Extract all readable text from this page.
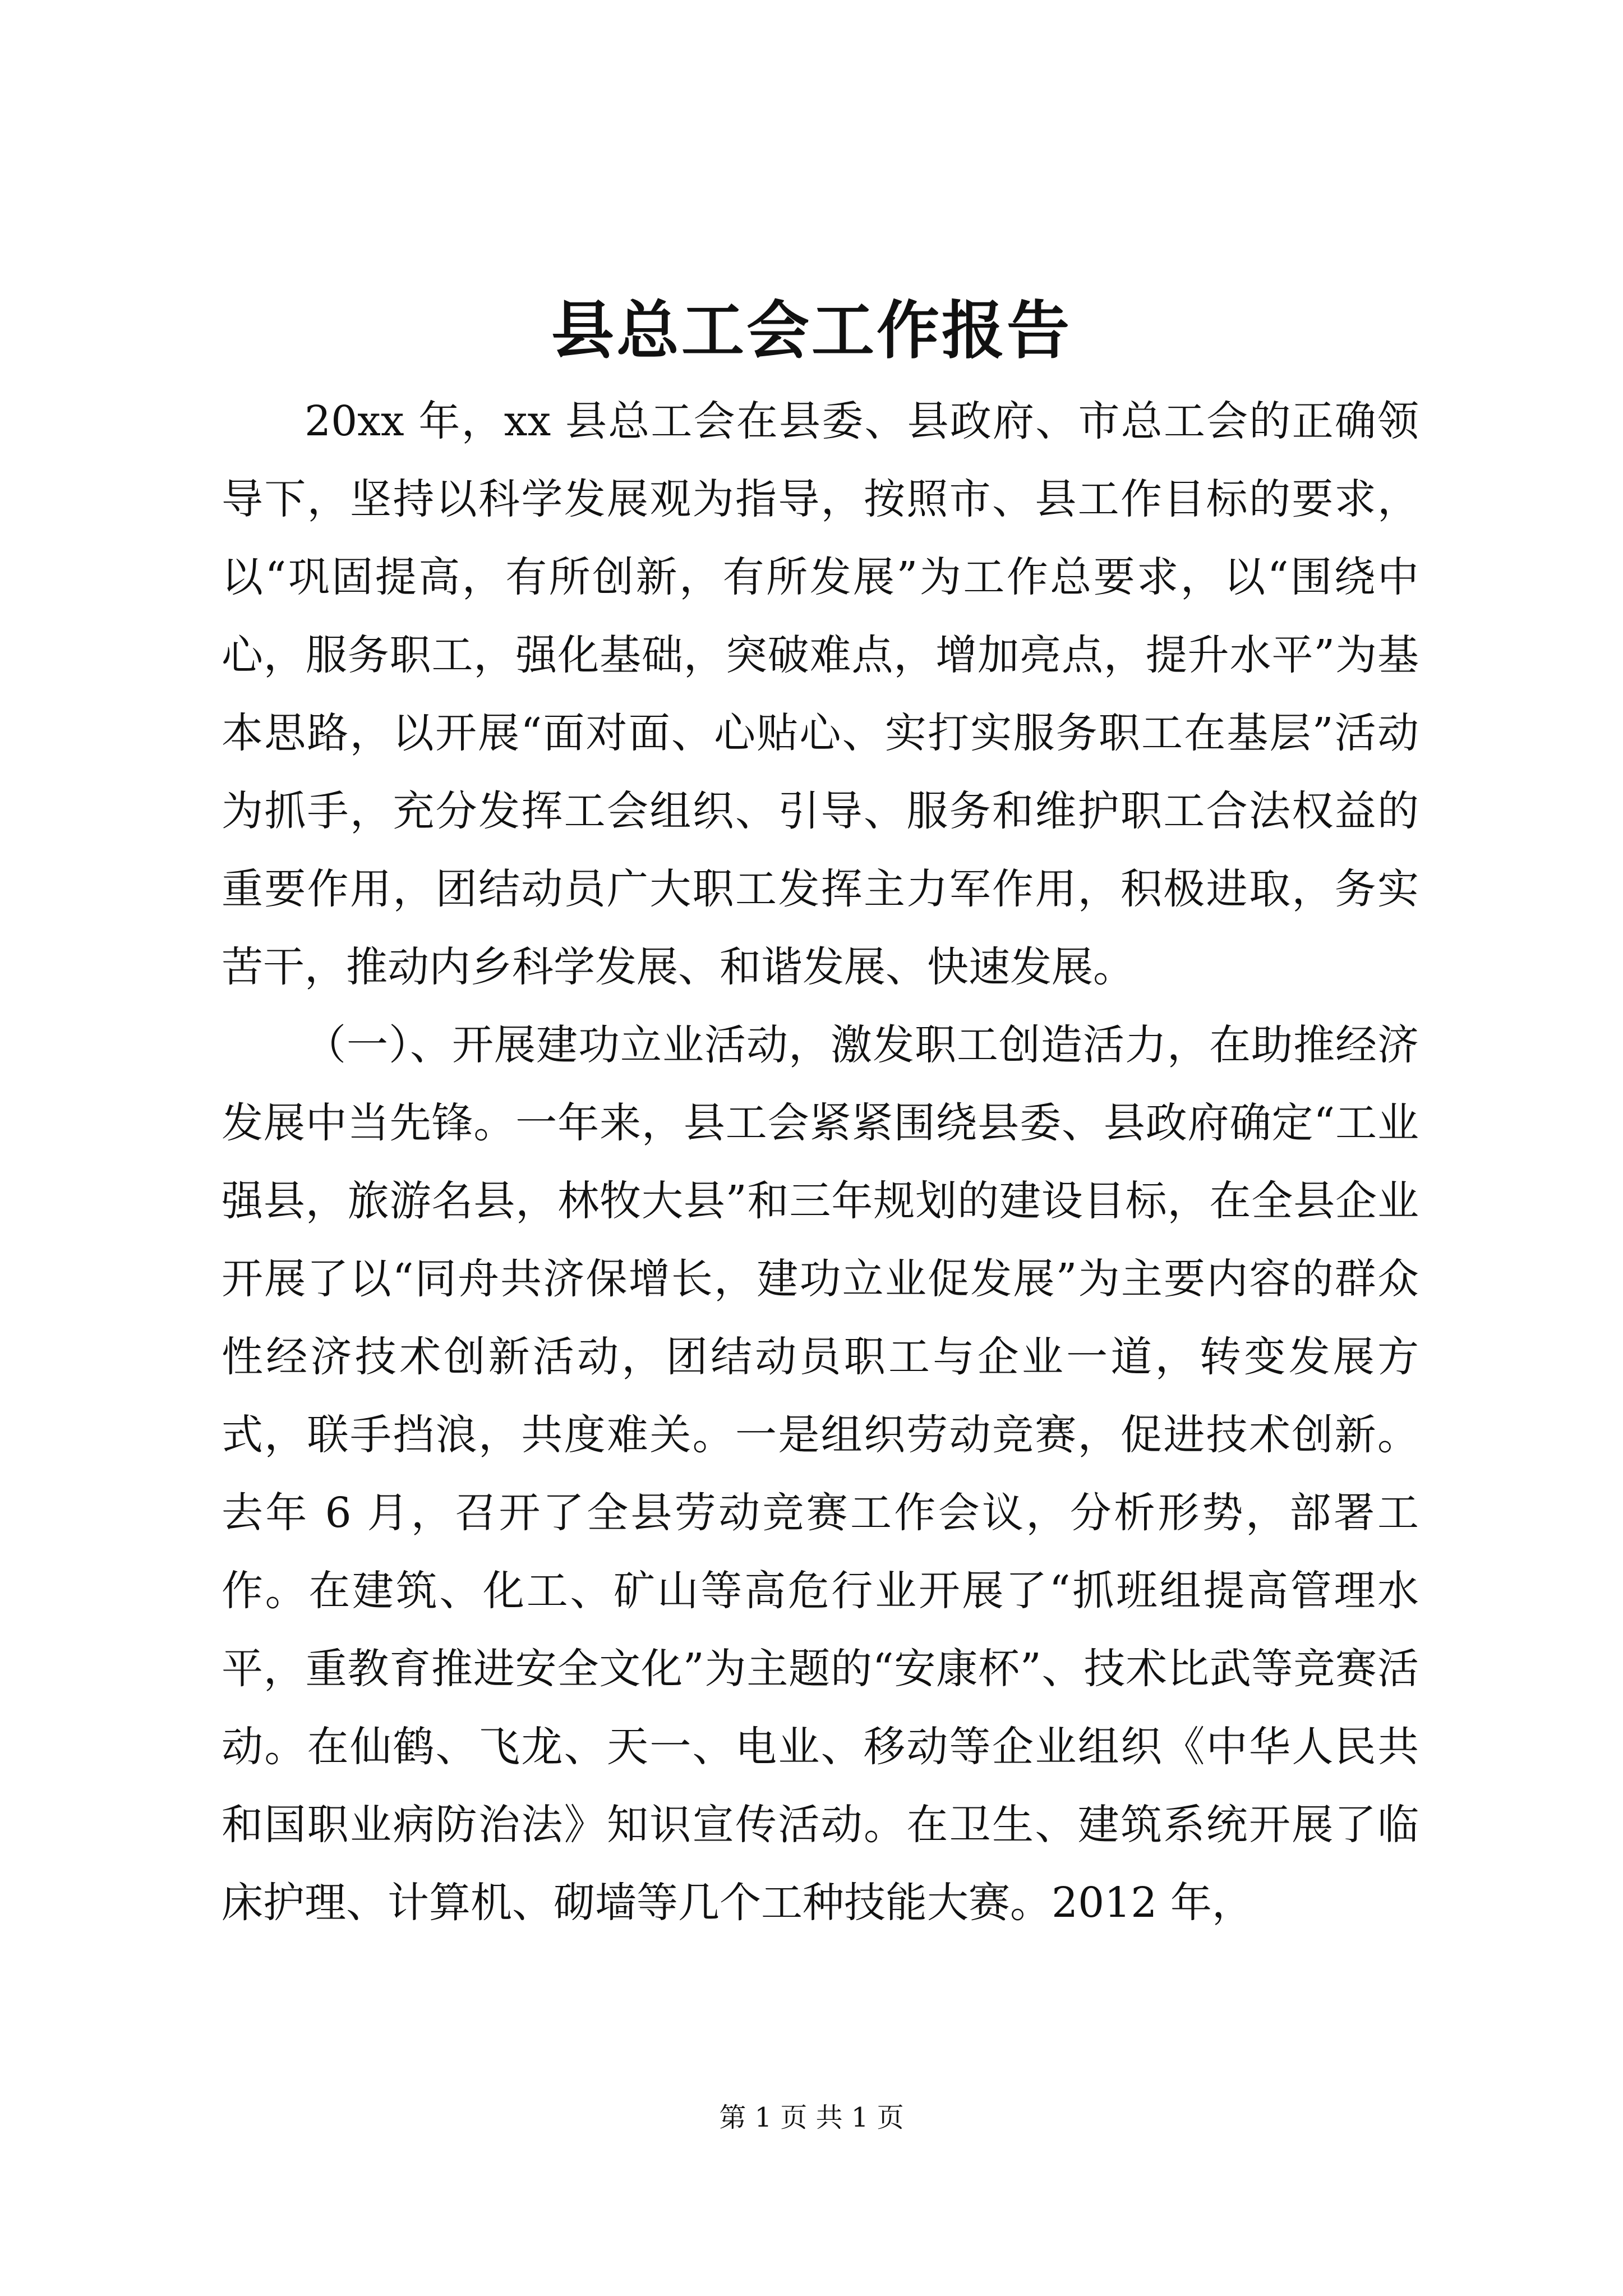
县总工会工作报告

20xx 年，xx 县总工会在县委、县政府、市总工会的正确领导下，坚持以科学发展观为指导，按照市、县工作目标的要求，以“巩固提高，有所创新，有所发展”为工作总要求，以“围绕中心，服务职工，强化基础，突破难点，增加亮点，提升水平”为基本思路，以开展“面对面、心贴心、实打实服务职工在基层”活动为抓手，充分发挥工会组织、引导、服务和维护职工合法权益的重要作用，团结动员广大职工发挥主力军作用，积极进取，务实苦干，推动内乡科学发展、和谐发展、快速发展。

（一）、开展建功立业活动，激发职工创造活力，在助推经济发展中当先锋。一年来，县工会紧紧围绕县委、县政府确定“工业强县，旅游名县，林牧大县”和三年规划的建设目标，在全县企业开展了以“同舟共济保增长，建功立业促发展”为主要内容的群众性经济技术创新活动，团结动员职工与企业一道，转变发展方式，联手挡浪，共度难关。一是组织劳动竞赛，促进技术创新。去年 6 月，召开了全县劳动竞赛工作会议，分析形势，部署工作。在建筑、化工、矿山等高危行业开展了“抓班组提高管理水平，重教育推进安全文化”为主题的“安康杯”、技术比武等竞赛活动。在仙鹤、飞龙、天一、电业、移动等企业组织《中华人民共和国职业病防治法》知识宣传活动。在卫生、建筑系统开展了临床护理、计算机、砌墙等几个工种技能大赛。2012 年，

第 1 页 共 1 页
